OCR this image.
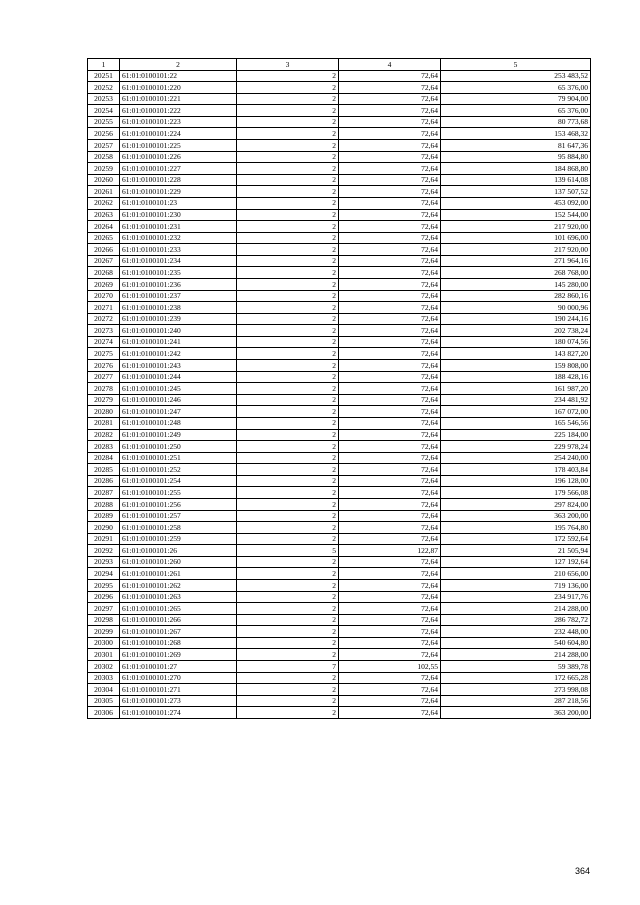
1	2	3	4	5
20251	61:01:0100101:22	2	72,64	253 483,52
20252	61:01:0100101:220	2	72,64	65 376,00
20253	61:01:0100101:221	2	72,64	79 904,00
20254	61:01:0100101:222	2	72,64	65 376,00
20255	61:01:0100101:223	2	72,64	80 773,68
20256	61:01:0100101:224	2	72,64	153 468,32
20257	61:01:0100101:225	2	72,64	81 647,36
20258	61:01:0100101:226	2	72,64	95 884,80
20259	61:01:0100101:227	2	72,64	184 868,80
20260	61:01:0100101:228	2	72,64	139 614,08
20261	61:01:0100101:229	2	72,64	137 507,52
20262	61:01:0100101:23	2	72,64	453 092,00
20263	61:01:0100101:230	2	72,64	152 544,00
20264	61:01:0100101:231	2	72,64	217 920,00
20265	61:01:0100101:232	2	72,64	101 696,00
20266	61:01:0100101:233	2	72,64	217 920,00
20267	61:01:0100101:234	2	72,64	271 964,16
20268	61:01:0100101:235	2	72,64	268 768,00
20269	61:01:0100101:236	2	72,64	145 280,00
20270	61:01:0100101:237	2	72,64	282 860,16
20271	61:01:0100101:238	2	72,64	90 000,96
20272	61:01:0100101:239	2	72,64	190 244,16
20273	61:01:0100101:240	2	72,64	202 738,24
20274	61:01:0100101:241	2	72,64	180 074,56
20275	61:01:0100101:242	2	72,64	143 827,20
20276	61:01:0100101:243	2	72,64	159 808,00
20277	61:01:0100101:244	2	72,64	188 428,16
20278	61:01:0100101:245	2	72,64	161 987,20
20279	61:01:0100101:246	2	72,64	234 481,92
20280	61:01:0100101:247	2	72,64	167 072,00
20281	61:01:0100101:248	2	72,64	165 546,56
20282	61:01:0100101:249	2	72,64	225 184,00
20283	61:01:0100101:250	2	72,64	229 978,24
20284	61:01:0100101:251	2	72,64	254 240,00
20285	61:01:0100101:252	2	72,64	178 403,84
20286	61:01:0100101:254	2	72,64	196 128,00
20287	61:01:0100101:255	2	72,64	179 566,08
20288	61:01:0100101:256	2	72,64	297 824,00
20289	61:01:0100101:257	2	72,64	363 200,00
20290	61:01:0100101:258	2	72,64	195 764,80
20291	61:01:0100101:259	2	72,64	172 592,64
20292	61:01:0100101:26	5	122,87	21 505,94
20293	61:01:0100101:260	2	72,64	127 192,64
20294	61:01:0100101:261	2	72,64	210 656,00
20295	61:01:0100101:262	2	72,64	719 136,00
20296	61:01:0100101:263	2	72,64	234 917,76
20297	61:01:0100101:265	2	72,64	214 288,00
20298	61:01:0100101:266	2	72,64	286 782,72
20299	61:01:0100101:267	2	72,64	232 448,00
20300	61:01:0100101:268	2	72,64	540 604,80
20301	61:01:0100101:269	2	72,64	214 288,00
20302	61:01:0100101:27	7	102,55	59 389,78
20303	61:01:0100101:270	2	72,64	172 665,28
20304	61:01:0100101:271	2	72,64	273 998,08
20305	61:01:0100101:273	2	72,64	287 218,56
20306	61:01:0100101:274	2	72,64	363 200,00
364
